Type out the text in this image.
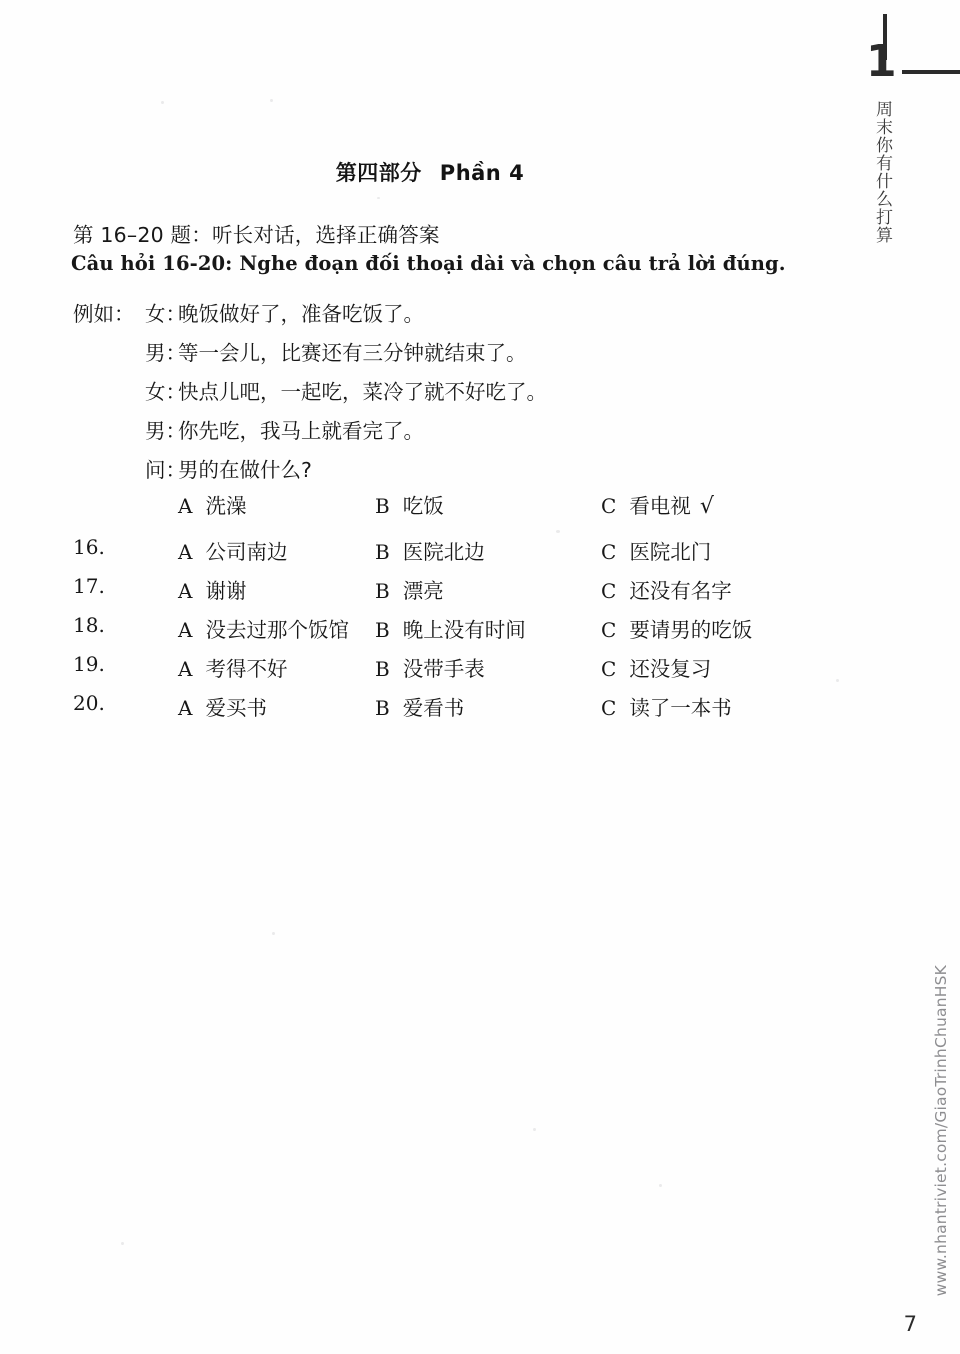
1
周末你有什么打算
第四部分 Phần 4
第 16–20 题：听长对话，选择正确答案
Câu hỏi 16-20: Nghe đoạn đối thoại dài và chọn câu trả lời đúng.
例如： 女：
晚饭做好了，准备吃饭了。
男：
等一会儿，比赛还有三分钟就结束了。
女：
快点儿吧，一起吃，菜冷了就不好吃了。
男：
你先吃，我马上就看完了。
问：
男的在做什么?
A 洗澡	B 吃饭	C 看电视 √
16.	A 公司南边	B 医院北边	C 医院北门
17.	A 谢谢	B 漂亮	C 还没有名字
18.	A 没去过那个饭馆 B 晚上没有时间	C 要请男的吃饭
19.	A 考得不好	B 没带手表	C 还没复习
20.	A 爱买书	B 爱看书	C 读了一本书
www.nhantriviet.com/GiaoTrinhChuanHSK
7
